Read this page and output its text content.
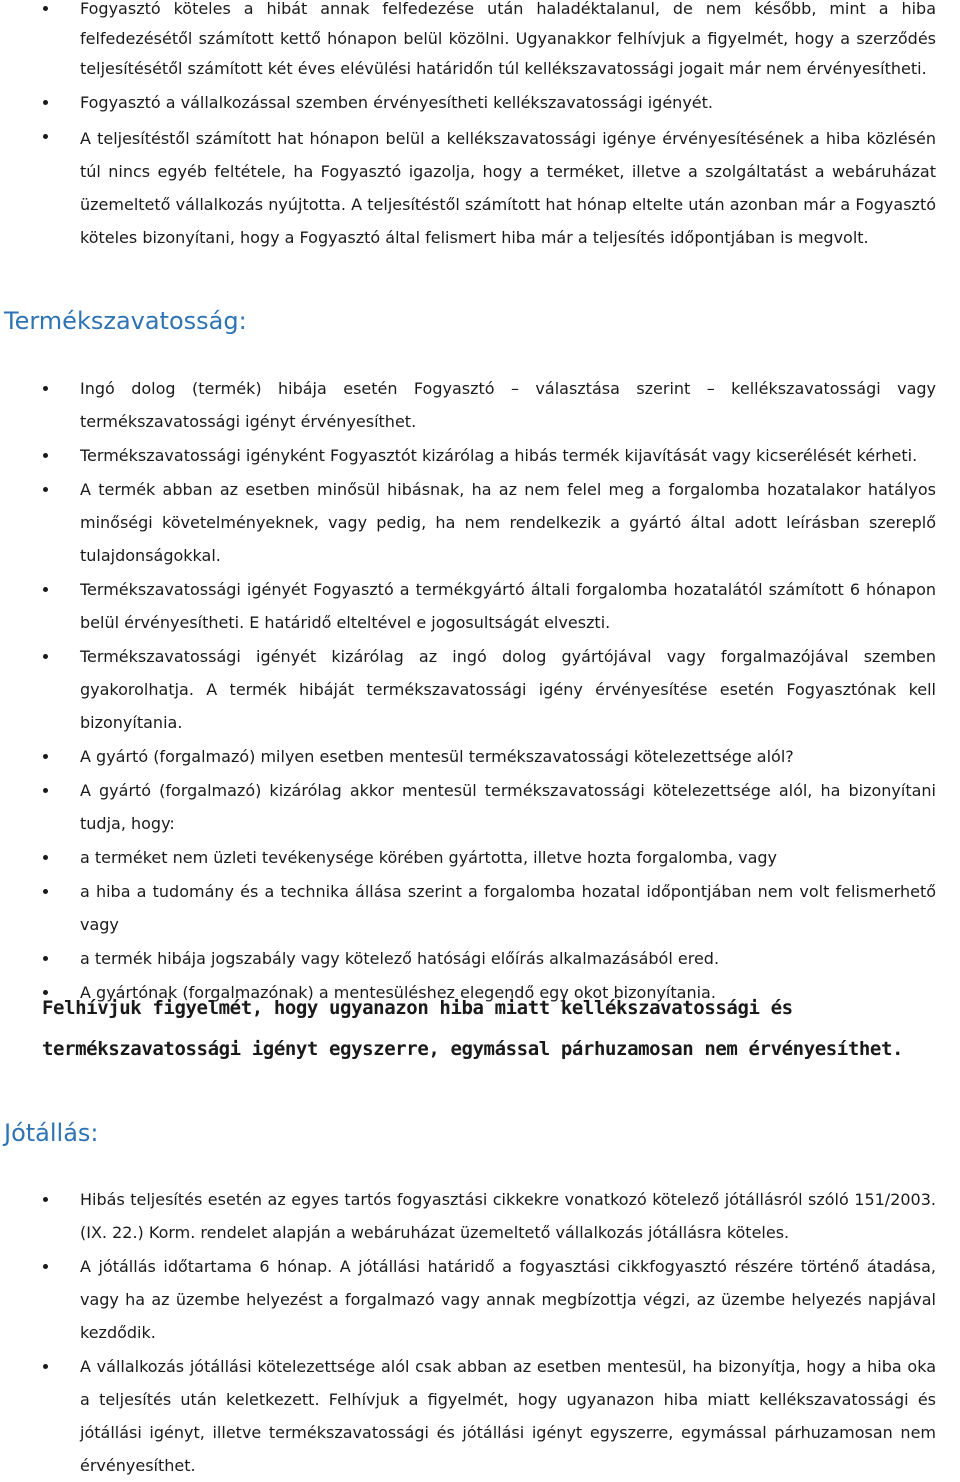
Fogyasztó köteles a hibát annak felfedezése után haladéktalanul, de nem később, mint a hiba felfedezésétől számított kettő hónapon belül közölni. Ugyanakkor felhívjuk a figyelmét, hogy a szerződés teljesítésétől számított két éves elévülési határidőn túl kellékszavatossági jogait már nem érvényesítheti.
Fogyasztó a vállalkozással szemben érvényesítheti kellékszavatossági igényét.
A teljesítéstől számított hat hónapon belül a kellékszavatossági igénye érvényesítésének a hiba közlésén túl nincs egyéb feltétele, ha Fogyasztó igazolja, hogy a terméket, illetve a szolgáltatást a webáruházat üzemeltető vállalkozás nyújtotta. A teljesítéstől számított hat hónap eltelte után azonban már a Fogyasztó köteles bizonyítani, hogy a Fogyasztó által felismert hiba már a teljesítés időpontjában is megvolt.
Termékszavatosság:
Ingó dolog (termék) hibája esetén Fogyasztó – választása szerint – kellékszavatossági vagy termékszavatossági igényt érvényesíthet.
Termékszavatossági igényként Fogyasztót kizárólag a hibás termék kijavítását vagy kicserélését kérheti.
A termék abban az esetben minősül hibásnak, ha az nem felel meg a forgalomba hozatalakor hatályos minőségi követelményeknek, vagy pedig, ha nem rendelkezik a gyártó által adott leírásban szereplő tulajdonságokkal.
Termékszavatossági igényét Fogyasztó a termékgyártó általi forgalomba hozatalától számított 6 hónapon belül érvényesítheti. E határidő elteltével e jogosultságát elveszti.
Termékszavatossági igényét kizárólag az ingó dolog gyártójával vagy forgalmazójával szemben gyakorolhatja. A termék hibáját termékszavatossági igény érvényesítése esetén Fogyasztónak kell bizonyítania.
A gyártó (forgalmazó) milyen esetben mentesül termékszavatossági kötelezettsége alól?
A gyártó (forgalmazó) kizárólag akkor mentesül termékszavatossági kötelezettsége alól, ha bizonyítani tudja, hogy:
a terméket nem üzleti tevékenysége körében gyártotta, illetve hozta forgalomba, vagy
a hiba a tudomány és a technika állása szerint a forgalomba hozatal időpontjában nem volt felismerhető vagy
a termék hibája jogszabály vagy kötelező hatósági előírás alkalmazásából ered.
A gyártónak (forgalmazónak) a mentesüléshez elegendő egy okot bizonyítania.

Felhívjuk figyelmét, hogy ugyanazon hiba miatt kellékszavatossági és termékszavatossági igényt egyszerre, egymással párhuzamosan nem érvényesíthet.

Jótállás:
Hibás teljesítés esetén az egyes tartós fogyasztási cikkekre vonatkozó kötelező jótállásról szóló 151/2003. (IX. 22.) Korm. rendelet alapján a webáruházat üzemeltető vállalkozás jótállásra köteles.
A jótállás időtartama 6 hónap. A jótállási határidő a fogyasztási cikkfogyasztó részére történő átadása, vagy ha az üzembe helyezést a forgalmazó vagy annak megbízottja végzi, az üzembe helyezés napjával kezdődik.
A vállalkozás jótállási kötelezettsége alól csak abban az esetben mentesül, ha bizonyítja, hogy a hiba oka a teljesítés után keletkezett. Felhívjuk a figyelmét, hogy ugyanazon hiba miatt kellékszavatossági és jótállási igényt, illetve termékszavatossági és jótállási igényt egyszerre, egymással párhuzamosan nem érvényesíthet.
